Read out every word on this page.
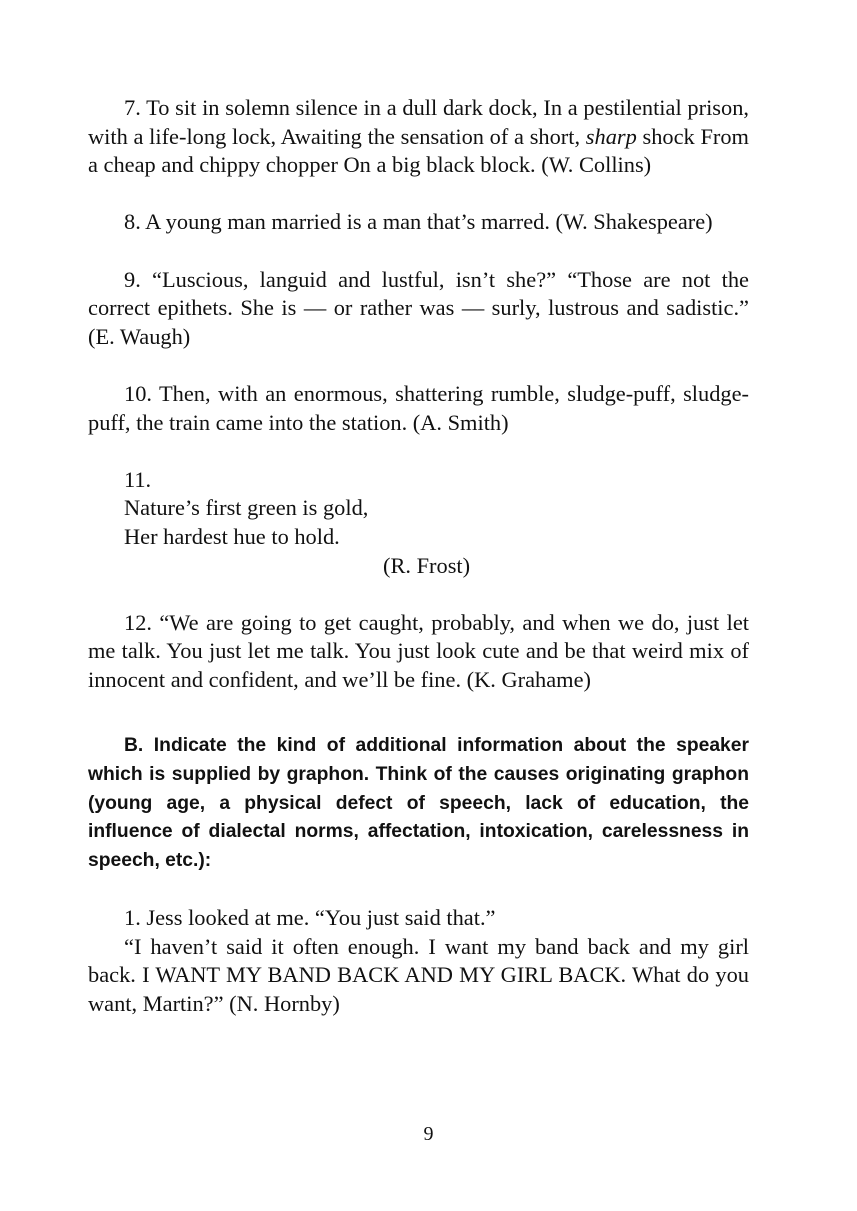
7. To sit in solemn silence in a dull dark dock, In a pestilential prison, with a life-long lock, Awaiting the sensation of a short, sharp shock From a cheap and chippy chopper On a big black block. (W. Collins)

8. A young man married is a man that’s marred. (W. Shakespeare)

9. “Luscious, languid and lustful, isn’t she?” “Those are not the correct epithets. She is — or rather was — surly, lustrous and sadistic.” (E. Waugh)

10. Then, with an enormous, shattering rumble, sludge-puff, sludge-puff, the train came into the station. (A. Smith)

11.

Nature’s first green is gold,

Her hardest hue to hold.

(R. Frost)

12. “We are going to get caught, probably, and when we do, just let me talk. You just let me talk. You just look cute and be that weird mix of innocent and confident, and we’ll be fine. (K. Grahame)

B. Indicate the kind of additional information about the speaker which is supplied by graphon. Think of the causes originating graphon (young age, a physical defect of speech, lack of education, the influence of dialectal norms, affectation, intoxication, carelessness in speech, etc.):

1. Jess looked at me. “You just said that.”

“I haven’t said it often enough. I want my band back and my girl back. I WANT MY BAND BACK AND MY GIRL BACK. What do you want, Martin?” (N. Hornby)

9
